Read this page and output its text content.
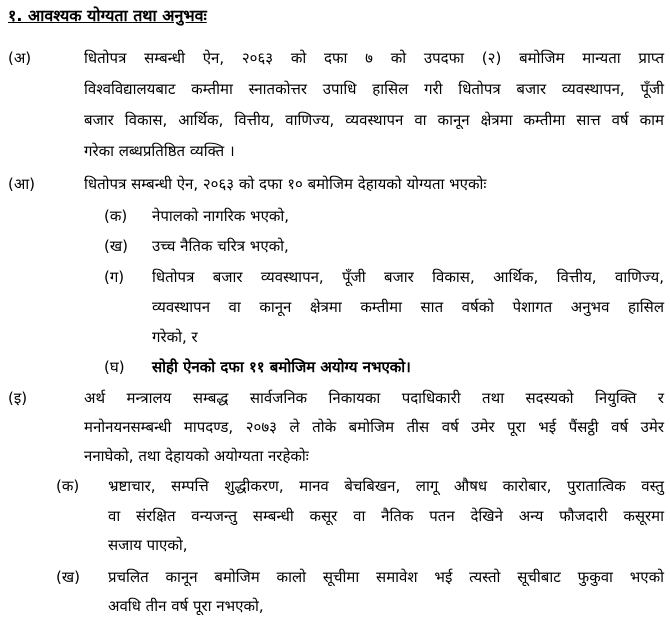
१. आवश्यक योग्यता तथा अनुभवः
(अ)	धितोपत्र सम्बन्धी ऐन, २०६३ को दफा ७ को उपदफा (२) बमोजिम मान्यता प्राप्त
विश्वविद्यालयबाट कम्तीमा स्नातकोत्तर उपाधि हासिल गरी धितोपत्र बजार व्यवस्थापन, पूँजी
बजार विकास, आर्थिक, वित्तीय, वाणिज्य, व्यवस्थापन वा कानून क्षेत्रमा कम्तीमा सात्त वर्ष काम
गरेका लब्धप्रतिष्ठित व्यक्ति ।
(आ)	धितोपत्र सम्बन्धी ऐन, २०६३ को दफा १० बमोजिम देहायको योग्यता भएकोः
(क) नेपालको नागरिक भएको,
(ख) उच्च नैतिक चरित्र भएको,
(ग) धितोपत्र बजार व्यवस्थापन, पूँजी बजार विकास, आर्थिक, वित्तीय, वाणिज्य,
व्यवस्थापन वा कानून क्षेत्रमा कम्तीमा सात वर्षको पेशागत अनुभव हासिल
गरेको, र
(घ) सोही ऐनको दफा ११ बमोजिम अयोग्य नभएको।
(इ)	अर्थ मन्त्रालय सम्बद्ध सार्वजनिक निकायका पदाधिकारी तथा सदस्यको नियुक्ति र
मनोनयनसम्बन्धी मापदण्ड, २०७३ ले तोके बमोजिम तीस वर्ष उमेर पूरा भई पैंसट्ठी वर्ष उमेर
ननाघेको, तथा देहायको अयोग्यता नरहेकोः
(क) भ्रष्टाचार, सम्पत्ति शुद्धीकरण, मानव बेचबिखन, लागू औषध कारोबार, पुरातात्विक वस्तु
वा संरक्षित वन्यजन्तु सम्बन्धी कसूर वा नैतिक पतन देखिने अन्य फौजदारी कसूरमा
सजाय पाएको,
(ख) प्रचलित कानून बमोजिम कालो सूचीमा समावेश भई त्यस्तो सूचीबाट फुकुवा भएको
अवधि तीन वर्ष पूरा नभएको,
